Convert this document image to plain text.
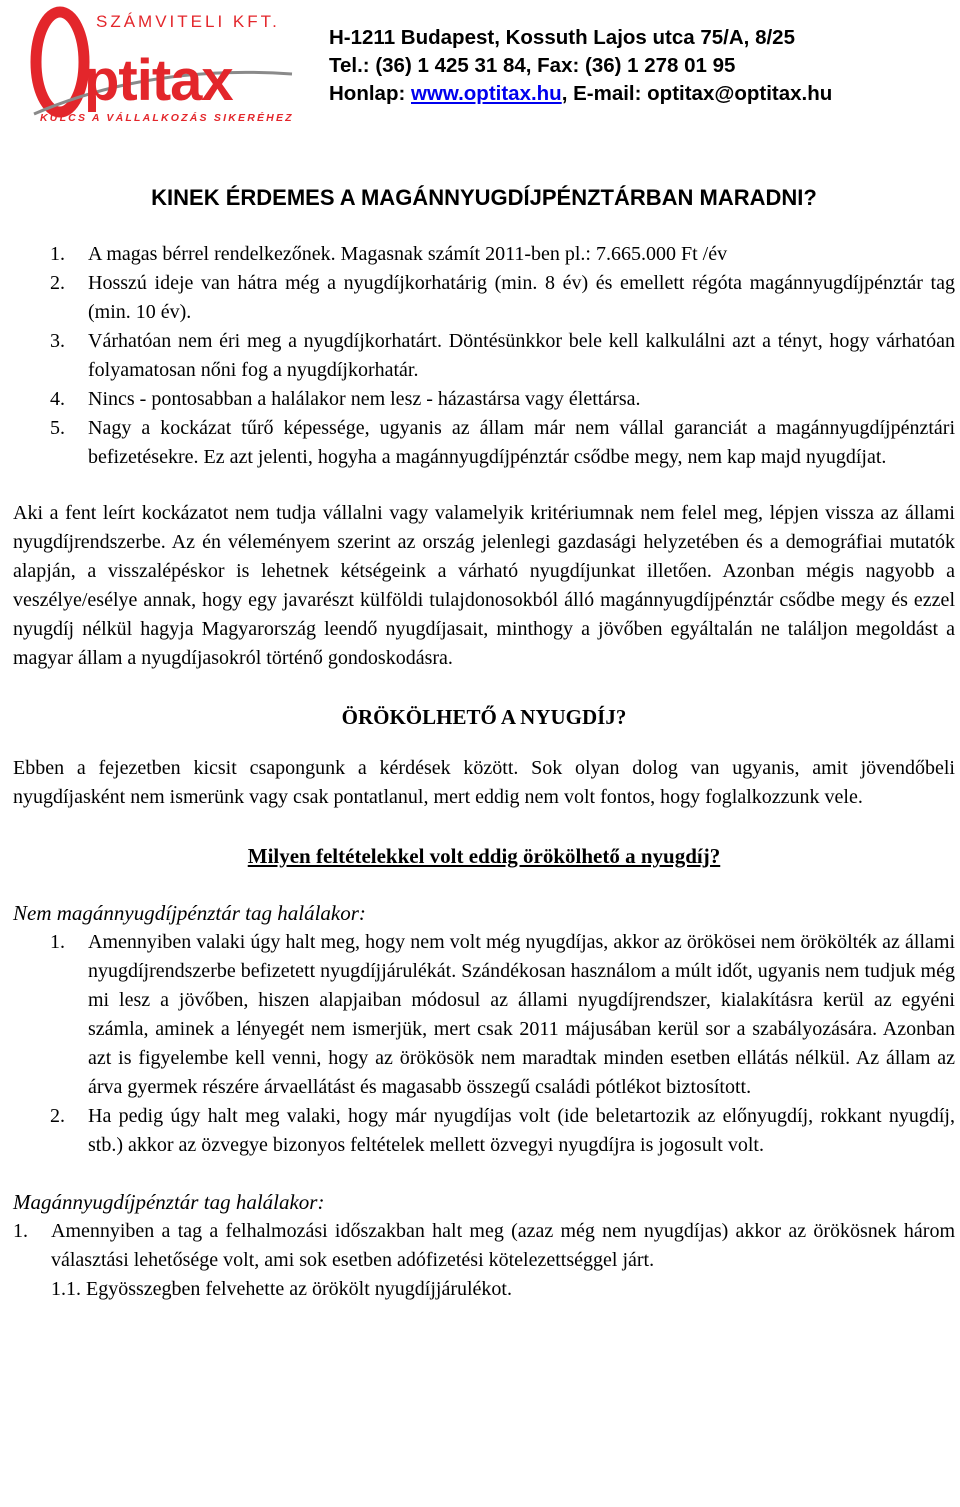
ptitax
SZÁMVITELI KFT.
KULCS A VÁLLALKOZÁS SIKERÉHEZ
H-1211 Budapest, Kossuth Lajos utca 75/A, 8/25
Tel.: (36) 1 425 31 84, Fax: (36) 1 278 01 95
Honlap: www.optitax.hu, E-mail: optitax@optitax.hu
KINEK ÉRDEMES A MAGÁNNYUGDÍJPÉNZTÁRBAN MARADNI?
1.	A magas bérrel rendelkezőnek. Magasnak számít 2011-ben pl.: 7.665.000 Ft /év
2.	Hosszú ideje van hátra még a nyugdíjkorhatárig (min. 8 év) és emellett régóta magánnyugdíjpénztár tag (min. 10 év).
3.	Várhatóan nem éri meg a nyugdíjkorhatárt. Döntésünkkor bele kell kalkulálni azt a tényt, hogy várhatóan folyamatosan nőni fog a nyugdíjkorhatár.
4.	Nincs - pontosabban a halálakor nem lesz - házastársa vagy élettársa.
5.	Nagy a kockázat tűrő képessége, ugyanis az állam már nem vállal garanciát a magánnyugdíjpénztári befizetésekre. Ez azt jelenti, hogyha a magánnyugdíjpénztár csődbe megy, nem kap majd nyugdíjat.

Aki a fent leírt kockázatot nem tudja vállalni vagy valamelyik kritériumnak nem felel meg, lépjen vissza az állami nyugdíjrendszerbe. Az én véleményem szerint az ország jelenlegi gazdasági helyzetében és a demográfiai mutatók alapján, a visszalépéskor is lehetnek kétségeink a várható nyugdíjunkat illetően. Azonban mégis nagyobb a veszélye/esélye annak, hogy egy javarészt külföldi tulajdonosokból álló magánnyugdíjpénztár csődbe megy és ezzel nyugdíj nélkül hagyja Magyarország leendő nyugdíjasait, minthogy a jövőben egyáltalán ne találjon megoldást a magyar állam a nyugdíjasokról történő gondoskodásra.

ÖRÖKÖLHETŐ A NYUGDÍJ?

Ebben a fejezetben kicsit csapongunk a kérdések között. Sok olyan dolog van ugyanis, amit jövendőbeli nyugdíjasként nem ismerünk vagy csak pontatlanul, mert eddig nem volt fontos, hogy foglalkozzunk vele.

Milyen feltételekkel volt eddig örökölhető a nyugdíj?
Nem magánnyugdíjpénztár tag halálakor:
1.	Amennyiben valaki úgy halt meg, hogy nem volt még nyugdíjas, akkor az örökösei nem örökölték az állami nyugdíjrendszerbe befizetett nyugdíjjárulékát. Szándékosan használom a múlt időt, ugyanis nem tudjuk még mi lesz a jövőben, hiszen alapjaiban módosul az állami nyugdíjrendszer, kialakításra kerül az egyéni számla, aminek a lényegét nem ismerjük, mert csak 2011 májusában kerül sor a szabályozására. Azonban azt is figyelembe kell venni, hogy az örökösök nem maradtak minden esetben ellátás nélkül. Az állam az árva gyermek részére árvaellátást és magasabb összegű családi pótlékot biztosított.
2.	Ha pedig úgy halt meg valaki, hogy már nyugdíjas volt (ide beletartozik az előnyugdíj, rokkant nyugdíj, stb.) akkor az özvegye bizonyos feltételek mellett özvegyi nyugdíjra is jogosult volt.
Magánnyugdíjpénztár tag halálakor:
1.	Amennyiben a tag a felhalmozási időszakban halt meg (azaz még nem nyugdíjas) akkor az örökösnek három választási lehetősége volt, ami sok esetben adófizetési kötelezettséggel járt.
1.1. Egyösszegben felvehette az örökölt nyugdíjjárulékot.
